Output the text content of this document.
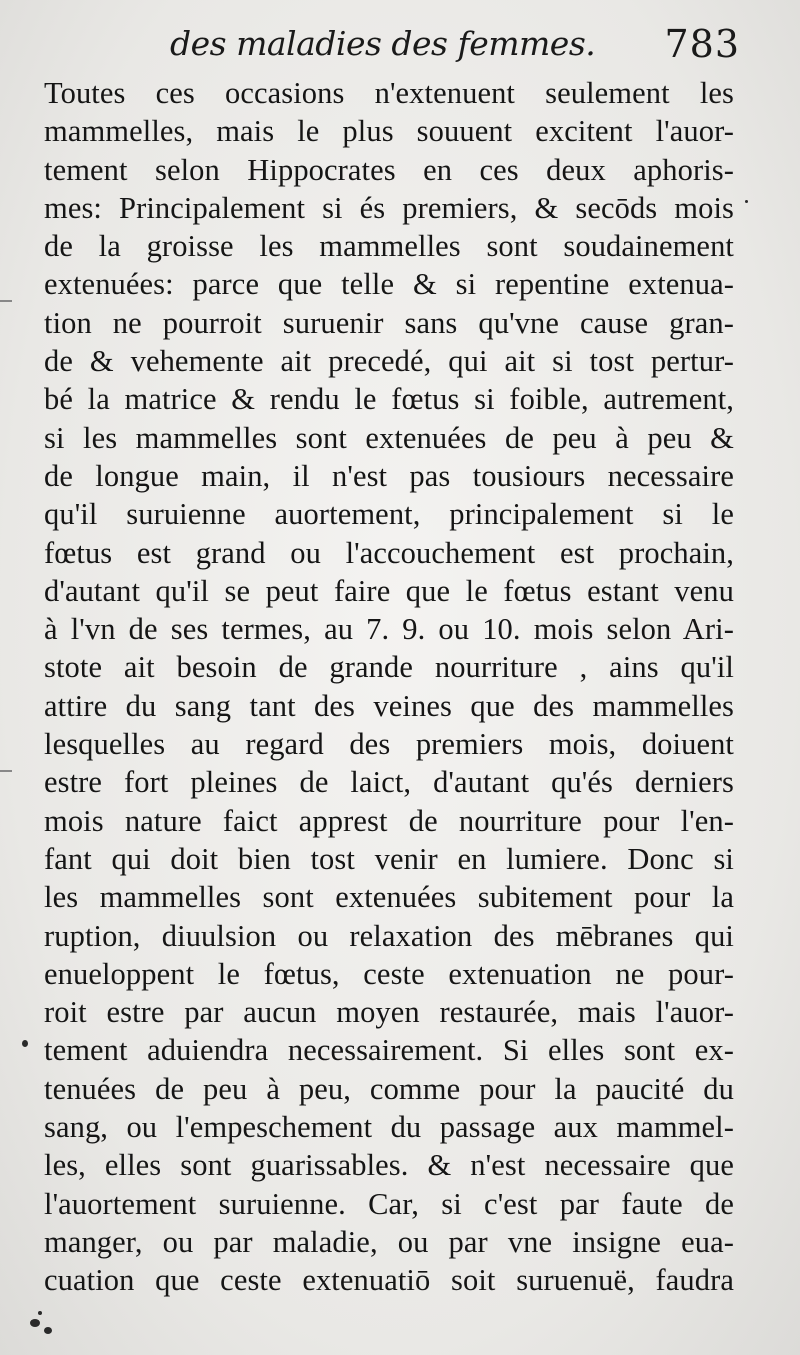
des maladies des femmes. 783
Toutes ces occasions n'extenuent seulement les
mammelles, mais le plus souuent excitent l'auor-
tement selon Hippocrates en ces deux aphoris-
mes: Principalement si és premiers, & secōds mois
de la groisse les mammelles sont soudainement
extenuées: parce que telle & si repentine extenua-
tion ne pourroit suruenir sans qu'vne cause gran-
de & vehemente ait precedé, qui ait si tost pertur-
bé la matrice & rendu le fœtus si foible, autrement,
si les mammelles sont extenuées de peu à peu &
de longue main, il n'est pas tousiours necessaire
qu'il suruienne auortement, principalement si le
fœtus est grand ou l'accouchement est prochain,
d'autant qu'il se peut faire que le fœtus estant venu
à l'vn de ses termes, au 7. 9. ou 10. mois selon Ari-
stote ait besoin de grande nourriture , ains qu'il
attire du sang tant des veines que des mammelles
lesquelles au regard des premiers mois, doiuent
estre fort pleines de laict, d'autant qu'és derniers
mois nature faict apprest de nourriture pour l'en-
fant qui doit bien tost venir en lumiere. Donc si
les mammelles sont extenuées subitement pour la
ruption, diuulsion ou relaxation des mēbranes qui
enueloppent le fœtus, ceste extenuation ne pour-
roit estre par aucun moyen restaurée, mais l'auor-
tement aduiendra necessairement. Si elles sont ex-
tenuées de peu à peu, comme pour la paucité du
sang, ou l'empeschement du passage aux mammel-
les, elles sont guarissables. & n'est necessaire que
l'auortement suruienne. Car, si c'est par faute de
manger, ou par maladie, ou par vne insigne eua-
cuation que ceste extenuatiō soit suruenuë, faudra
